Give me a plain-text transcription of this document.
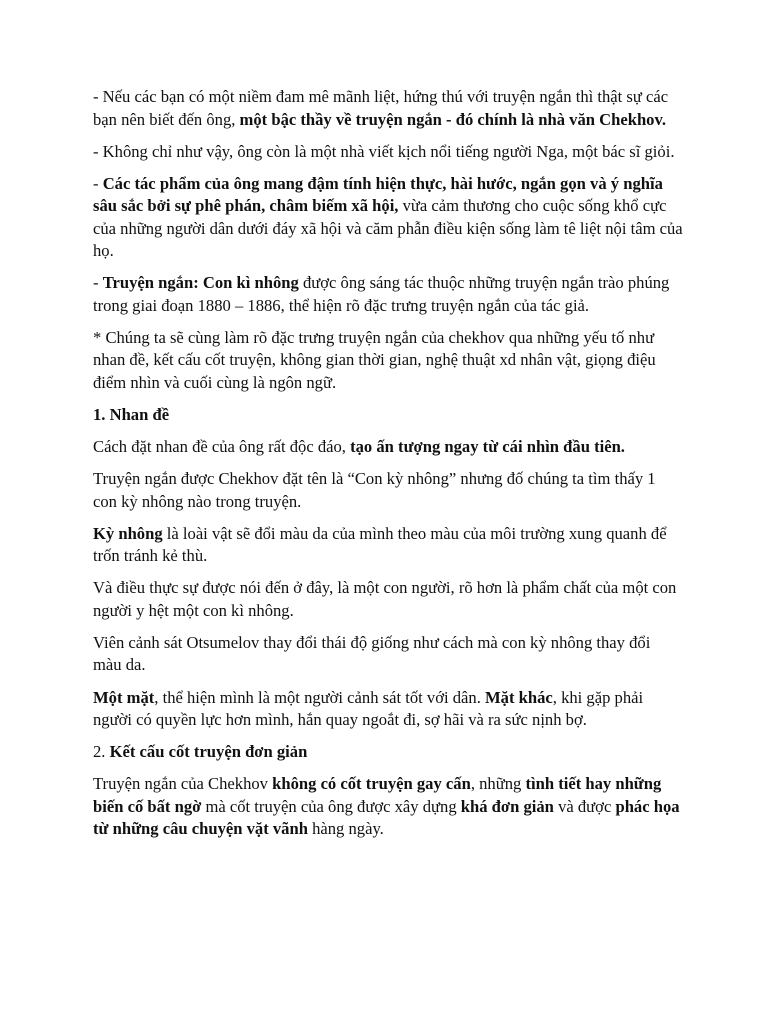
- Nếu các bạn có một niềm đam mê mãnh liệt, hứng thú với truyện ngắn thì thật sự các bạn nên biết đến ông, một bậc thầy về truyện ngắn - đó chính là nhà văn Chekhov.

- Không chỉ như vậy, ông còn là một nhà viết kịch nổi tiếng người Nga, một bác sĩ giỏi.

- Các tác phẩm của ông mang đậm tính hiện thực, hài hước, ngắn gọn và ý nghĩa sâu sắc bởi sự phê phán, châm biếm xã hội, vừa cảm thương cho cuộc sống khổ cực của những người dân dưới đáy xã hội và căm phẫn điều kiện sống làm tê liệt nội tâm của họ.

- Truyện ngắn: Con kì nhông được ông sáng tác thuộc những truyện ngắn trào phúng trong giai đoạn 1880 – 1886, thể hiện rõ đặc trưng truyện ngắn của tác giả.

* Chúng ta sẽ cùng làm rõ đặc trưng truyện ngắn của chekhov qua những yếu tố như nhan đề, kết cấu cốt truyện, không gian thời gian, nghệ thuật xd nhân vật, giọng điệu điểm nhìn và cuối cùng là ngôn ngữ.

1. Nhan đề

Cách đặt nhan đề của ông rất độc đáo, tạo ấn tượng ngay từ cái nhìn đầu tiên.

Truyện ngắn được Chekhov đặt tên là “Con kỳ nhông” nhưng đố chúng ta tìm thấy 1 con kỳ nhông nào trong truyện.

Kỳ nhông là loài vật sẽ đổi màu da của mình theo màu của môi trường xung quanh để trốn tránh kẻ thù.

Và điều thực sự được nói đến ở đây, là một con người, rõ hơn là phẩm chất của một con người y hệt một con kì nhông.

Viên cảnh sát Otsumelov thay đổi thái độ giống như cách mà con kỳ nhông thay đổi màu da.

Một mặt, thể hiện mình là một người cảnh sát tốt với dân. Mặt khác, khi gặp phải người có quyền lực hơn mình, hắn quay ngoắt đi, sợ hãi và ra sức nịnh bợ.

2. Kết cấu cốt truyện đơn giản

Truyện ngắn của Chekhov không có cốt truyện gay cấn, những tình tiết hay những biến cố bất ngờ mà cốt truyện của ông được xây dựng khá đơn giản và được phác họa từ những câu chuyện vặt vãnh hàng ngày.
